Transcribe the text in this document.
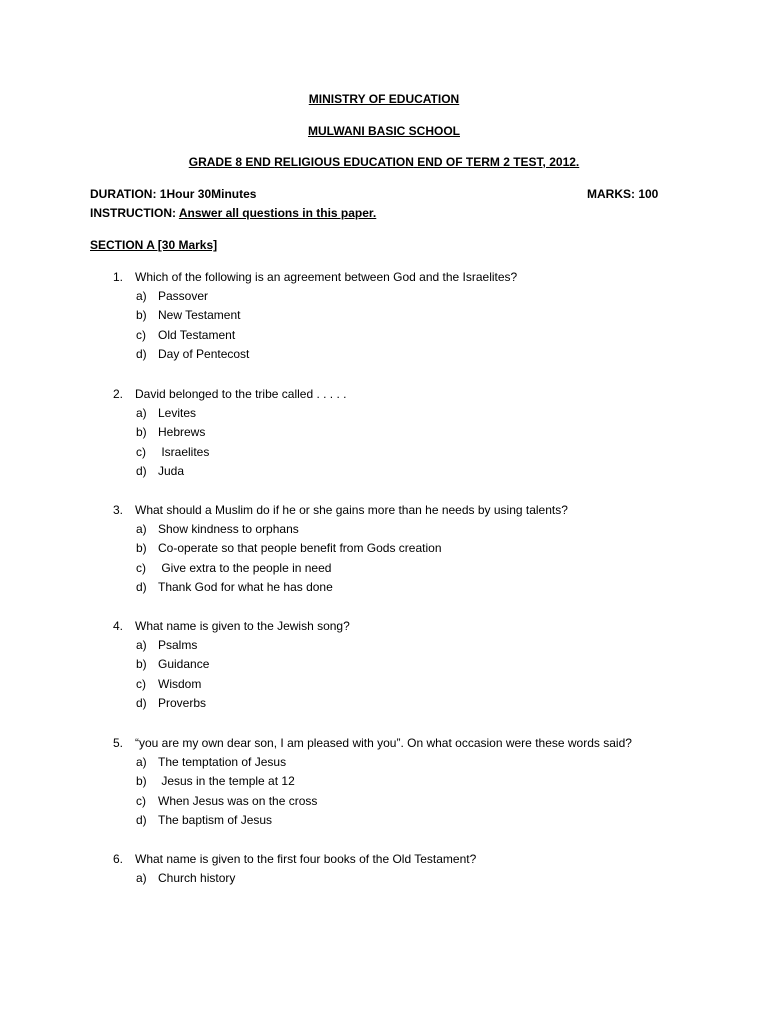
MINISTRY OF EDUCATION
MULWANI BASIC SCHOOL
GRADE 8 END RELIGIOUS EDUCATION END OF TERM 2 TEST, 2012.
DURATION: 1Hour 30Minutes	MARKS: 100
INSTRUCTION: Answer all questions in this paper.
SECTION A [30 Marks]
1. Which of the following is an agreement between God and the Israelites?
a) Passover
b) New Testament
c) Old Testament
d) Day of Pentecost
2. David belonged to the tribe called . . . . .
a) Levites
b) Hebrews
c) Israelites
d) Juda
3. What should a Muslim do if he or she gains more than he needs by using talents?
a) Show kindness to orphans
b) Co-operate so that people benefit from Gods creation
c) Give extra to the people in need
d) Thank God for what he has done
4. What name is given to the Jewish song?
a) Psalms
b) Guidance
c) Wisdom
d) Proverbs
5. “you are my own dear son, I am pleased with you”. On what occasion were these words said?
a) The temptation of Jesus
b) Jesus in the temple at 12
c) When Jesus was on the cross
d) The baptism of Jesus
6. What name is given to the first four books of the Old Testament?
a) Church history
